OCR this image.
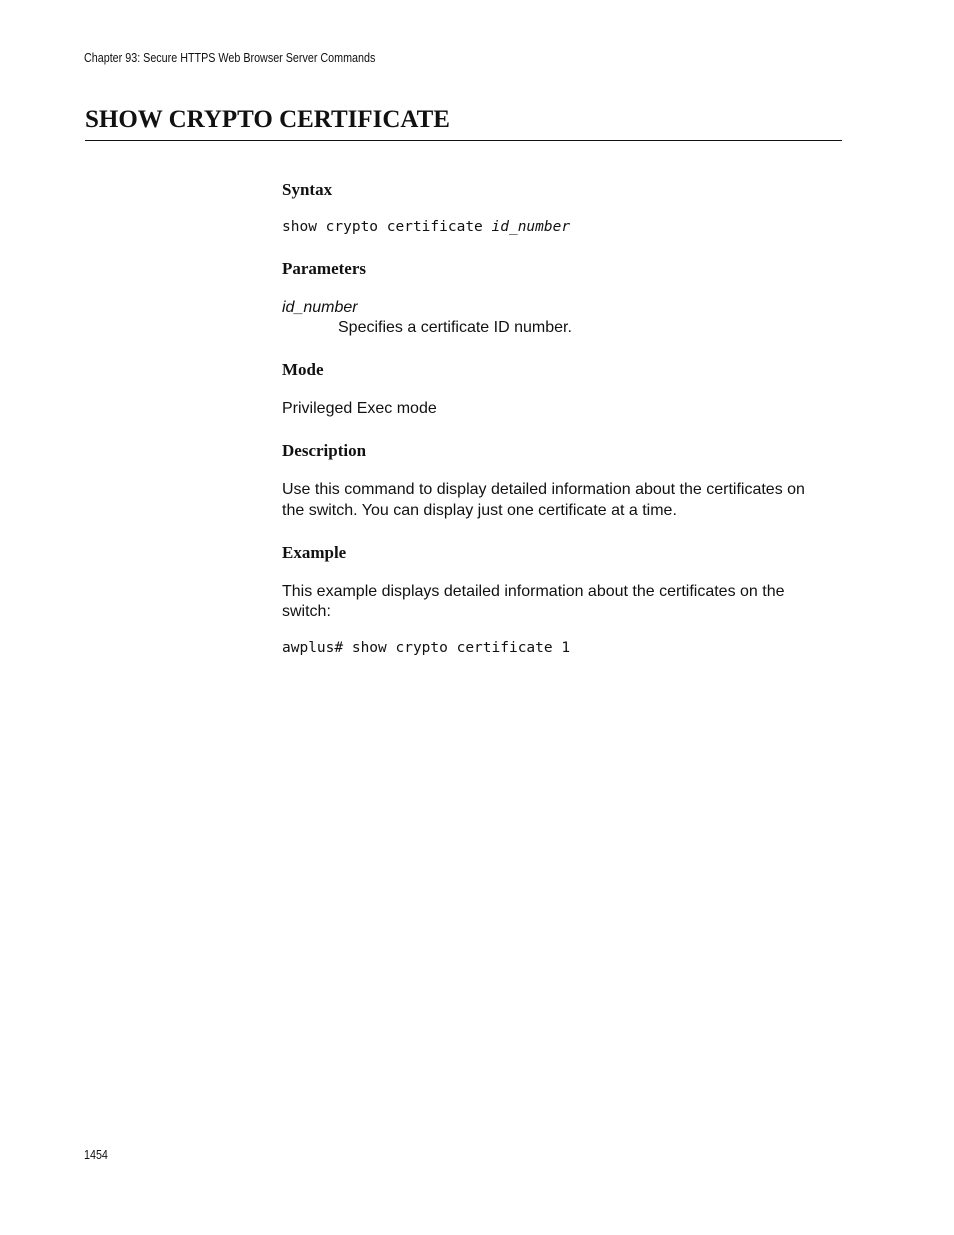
Chapter 93: Secure HTTPS Web Browser Server Commands
SHOW CRYPTO CERTIFICATE
Syntax
show crypto certificate id_number
Parameters
id_number
Specifies a certificate ID number.
Mode
Privileged Exec mode
Description
Use this command to display detailed information about the certificates on
the switch. You can display just one certificate at a time.
Example
This example displays detailed information about the certificates on the
switch:
awplus# show crypto certificate 1
1454
